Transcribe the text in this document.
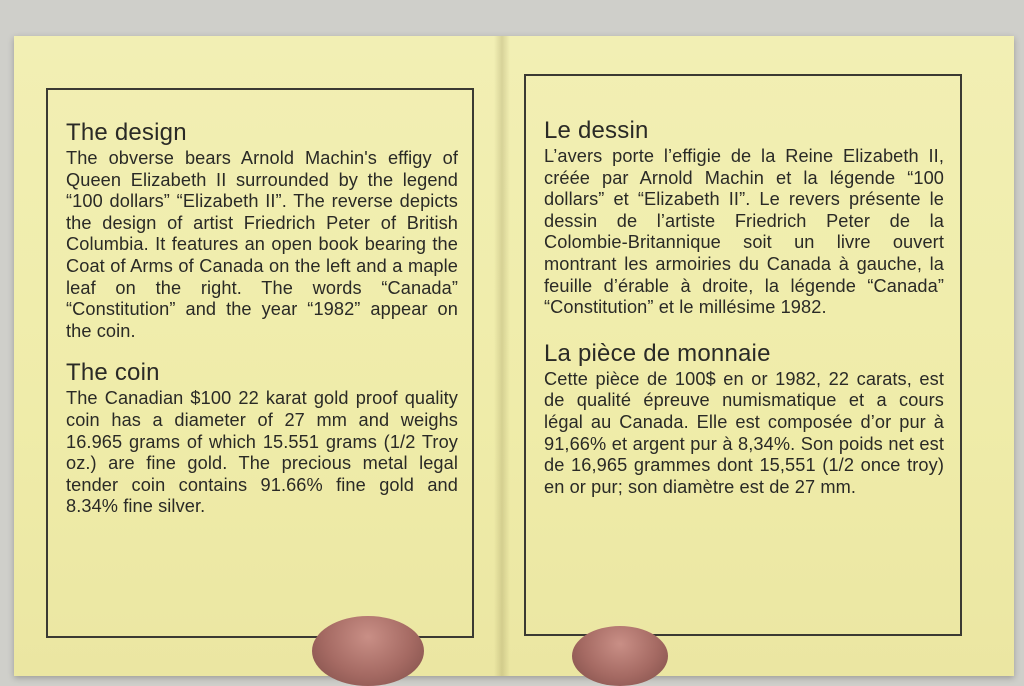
The design

The obverse bears Arnold Machin's effigy of Queen Elizabeth II surrounded by the legend “100 dollars” “Elizabeth II”. The reverse depicts the design of artist Friedrich Peter of British Columbia. It features an open book bearing the Coat of Arms of Canada on the left and a maple leaf on the right. The words “Canada” “Constitution” and the year “1982” appear on the coin.

The coin

The Canadian $100 22 karat gold proof quality coin has a diameter of 27 mm and weighs 16.965 grams of which 15.551 grams (1/2 Troy oz.) are fine gold. The precious metal legal tender coin contains 91.66% fine gold and 8.34% fine silver.

Le dessin

L’avers porte l’effigie de la Reine Elizabeth II, créée par Arnold Machin et la légende “100 dollars” et “Elizabeth II”. Le revers présente le dessin de l’artiste Friedrich Peter de la Colombie-Britannique soit un livre ouvert montrant les armoiries du Canada à gauche, la feuille d’érable à droite, la légende “Canada” “Constitution” et le millésime 1982.

La pièce de monnaie

Cette pièce de 100$ en or 1982, 22 carats, est de qualité épreuve numismatique et a cours légal au Canada. Elle est composée d’or pur à 91,66% et argent pur à 8,34%. Son poids net est de 16,965 grammes dont 15,551 (1/2 once troy) en or pur; son diamètre est de 27 mm.
